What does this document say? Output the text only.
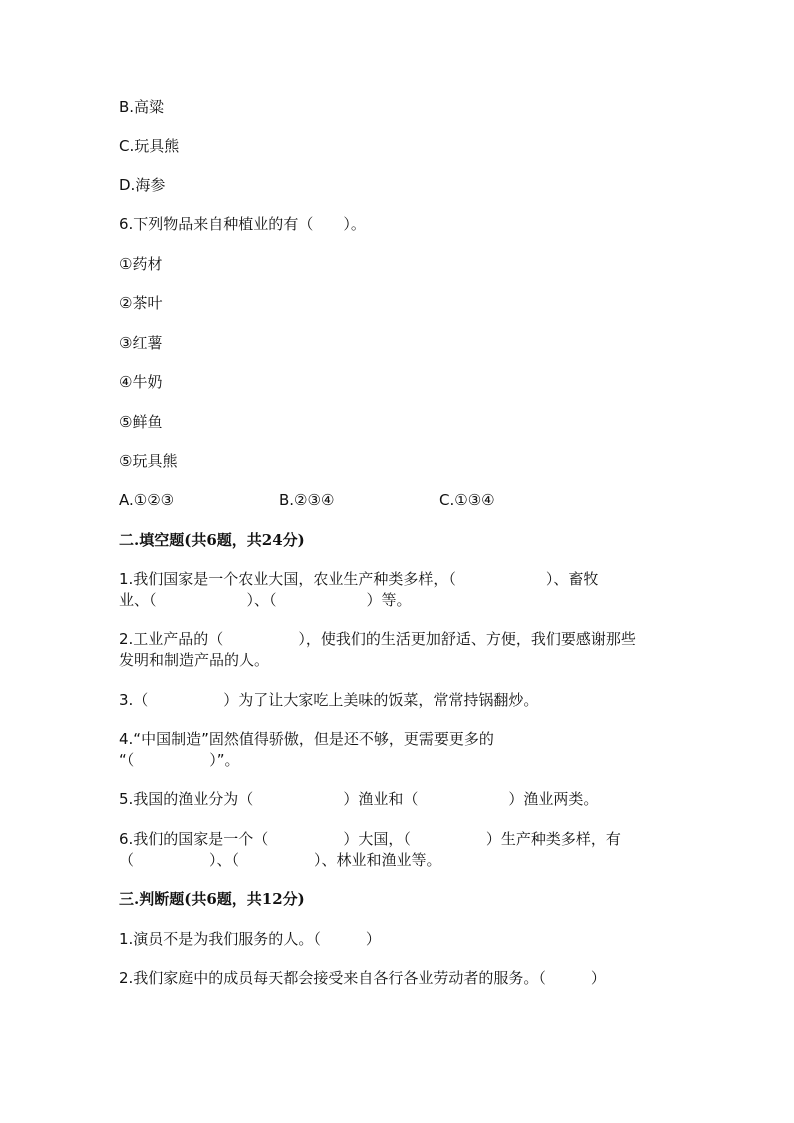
B.高粱

C.玩具熊

D.海参

6.下列物品来自种植业的有（　　）。

①药材

②茶叶

③红薯

④牛奶

⑤鲜鱼

⑤玩具熊

A.①②③	B.②③④	C.①③④

二.填空题(共6题，共24分)

1.我们国家是一个农业大国，农业生产种类多样，（　　　　　　）、畜牧

业、（　　　　　　）、（　　　　　　）等。

2.工业产品的（　　　　　），使我们的生活更加舒适、方便，我们要感谢那些

发明和制造产品的人。

3.（　　　　　）为了让大家吃上美味的饭菜，常常持锅翻炒。

4.“中国制造”固然值得骄傲，但是还不够，更需要更多的

“（　　　　　）”。

5.我国的渔业分为（　　　　　　）渔业和（　　　　　　）渔业两类。

6.我们的国家是一个（　　　　　）大国，（　　　　　）生产种类多样，有

（　　　　　）、（　　　　　）、林业和渔业等。

三.判断题(共6题，共12分)

1.演员不是为我们服务的人。（　　　）

2.我们家庭中的成员每天都会接受来自各行各业劳动者的服务。（　　　）
